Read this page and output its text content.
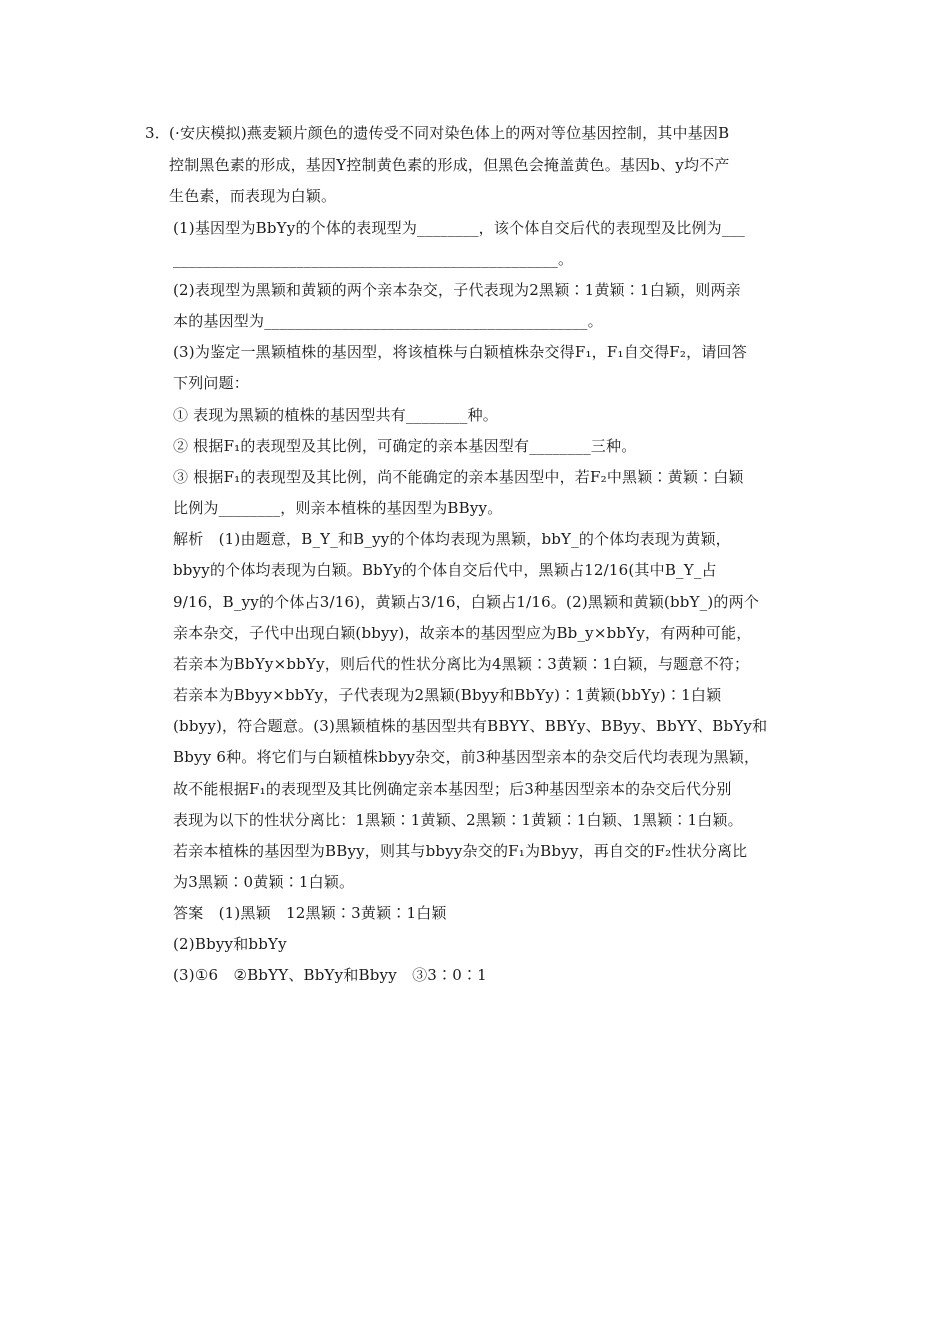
3． (·安庆模拟)燕麦颖片颜色的遗传受不同对染色体上的两对等位基因控制，其中基因B
控制黑色素的形成，基因Y控制黄色素的形成，但黑色会掩盖黄色。基因b、y均不产
生色素，而表现为白颖。
(1)基因型为BbYy的个体的表现型为________，该个体自交后代的表现型及比例为___
__________________________________________________。
(2)表现型为黑颖和黄颖的两个亲本杂交，子代表现为2黑颖∶1黄颖∶1白颖，则两亲
本的基因型为__________________________________________。
(3)为鉴定一黑颖植株的基因型，将该植株与白颖植株杂交得F₁，F₁自交得F₂，请回答
下列问题：
① 表现为黑颖的植株的基因型共有________种。
② 根据F₁的表现型及其比例，可确定的亲本基因型有________三种。
③ 根据F₁的表现型及其比例，尚不能确定的亲本基因型中，若F₂中黑颖∶黄颖∶白颖
比例为________，则亲本植株的基因型为BByy。
解析　(1)由题意，B_Y_和B_yy的个体均表现为黑颖，bbY_的个体均表现为黄颖，
bbyy的个体均表现为白颖。BbYy的个体自交后代中，黑颖占12/16(其中B_Y_占
9/16，B_yy的个体占3/16)，黄颖占3/16，白颖占1/16。(2)黑颖和黄颖(bbY_)的两个
亲本杂交，子代中出现白颖(bbyy)，故亲本的基因型应为Bb_y×bbYy，有两种可能，
若亲本为BbYy×bbYy，则后代的性状分离比为4黑颖∶3黄颖∶1白颖，与题意不符；
若亲本为Bbyy×bbYy，子代表现为2黑颖(Bbyy和BbYy)∶1黄颖(bbYy)∶1白颖
(bbyy)，符合题意。(3)黑颖植株的基因型共有BBYY、BBYy、BByy、BbYY、BbYy和
Bbyy 6种。将它们与白颖植株bbyy杂交，前3种基因型亲本的杂交后代均表现为黑颖，
故不能根据F₁的表现型及其比例确定亲本基因型；后3种基因型亲本的杂交后代分别
表现为以下的性状分离比：1黑颖∶1黄颖、2黑颖∶1黄颖∶1白颖、1黑颖∶1白颖。
若亲本植株的基因型为BByy，则其与bbyy杂交的F₁为Bbyy，再自交的F₂性状分离比
为3黑颖∶0黄颖∶1白颖。
答案　(1)黑颖　12黑颖∶3黄颖∶1白颖
(2)Bbyy和bbYy
(3)①6　②BbYY、BbYy和Bbyy　③3∶0∶1
